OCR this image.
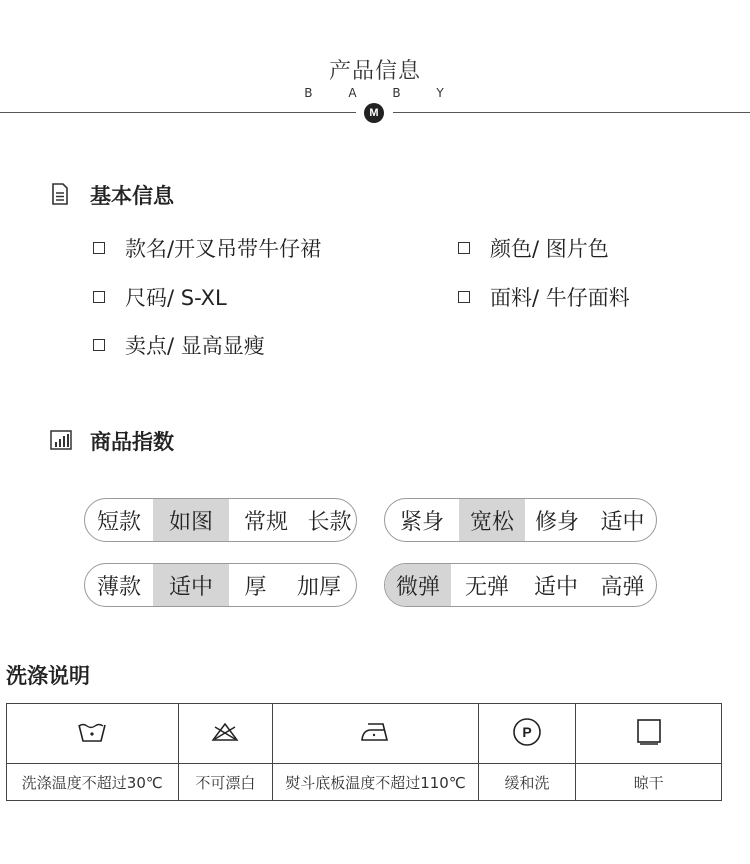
产品信息
B A B Y
M
基本信息
款名/开叉吊带牛仔裙	颜色/ 图片色
尺码/ S-XL	面料/ 牛仔面料
卖点/ 显高显瘦
商品指数
短款	如图	常规 长款	紧身	宽松 修身 适中
薄款	适中	厚	加厚	微弹	无弹	适中	高弹
洗涤说明

P

洗涤温度不超过30℃	不可漂白	熨斗底板温度不超过110℃	缓和洗	晾干
